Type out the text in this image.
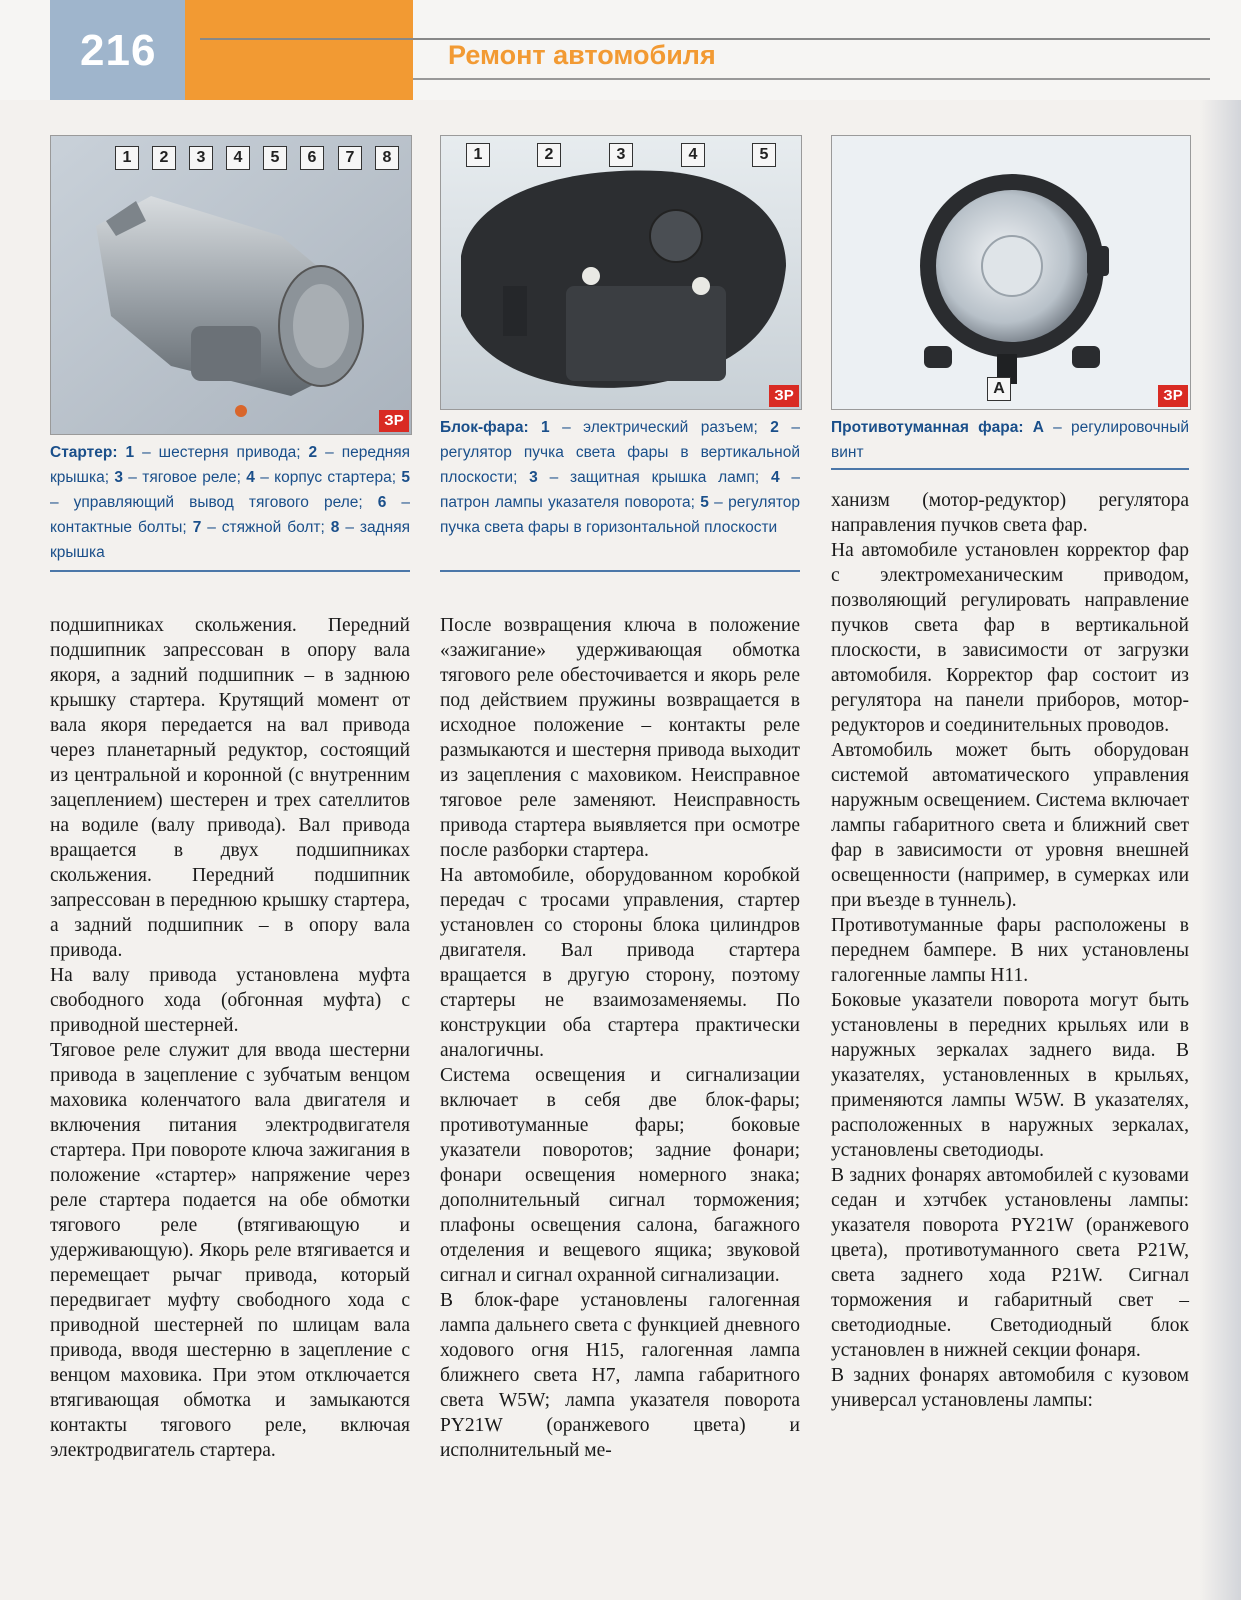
216	Ремонт автомобиля
ЗР
1	2	3	4	5	6	7	8
ЗР
1	2	3	4	5
ЗР
A
Стартер: 1 – шестерня привода; 2 – передняя крышка; 3 – тяговое реле; 4 – корпус стартера; 5 – управляющий вывод тягового реле; 6 – контактные болты; 7 – стяжной болт; 8 – задняя крышка
Блок-фара: 1 – электрический разъем; 2 – регулятор пучка света фары в вертикальной плоскости; 3 – защитная крышка ламп; 4 – патрон лампы указателя поворота; 5 – регулятор пучка света фары в горизонтальной плоскости
Противотуманная фара: А – регулировочный винт

подшипниках скольжения. Передний подшипник запрессован в опору вала якоря, а задний подшипник – в заднюю крышку стартера. Крутящий момент от вала якоря передается на вал привода через планетарный редуктор, состоящий из центральной и коронной (с внутренним зацеплением) шестерен и трех сателлитов на водиле (валу привода). Вал привода вращается в двух подшипниках скольжения. Передний подшипник запрессован в переднюю крышку стартера, а задний подшипник – в опору вала привода.

На валу привода установлена муфта свободного хода (обгонная муфта) с приводной шестерней.

Тяговое реле служит для ввода шестерни привода в зацепление с зубчатым венцом маховика коленчатого вала двигателя и включения питания электродвигателя стартера. При повороте ключа зажигания в положение «стартер» напряжение через реле стартера подается на обе обмотки тягового реле (втягивающую и удерживающую). Якорь реле втягивается и перемещает рычаг привода, который передвигает муфту свободного хода с приводной шестерней по шлицам вала привода, вводя шестерню в зацепление с венцом маховика. При этом отключается втягивающая обмотка и замыкаются контакты тягового реле, включая электродвигатель стартера.

После возвращения ключа в положение «зажигание» удерживающая обмотка тягового реле обесточивается и якорь реле под действием пружины возвращается в исходное положение – контакты реле размыкаются и шестерня привода выходит из зацепления с маховиком. Неисправное тяговое реле заменяют. Неисправность привода стартера выявляется при осмотре после разборки стартера.

На автомобиле, оборудованном коробкой передач с тросами управления, стартер установлен со стороны блока цилиндров двигателя. Вал привода стартера вращается в другую сторону, поэтому стартеры не взаимозаменяемы. По конструкции оба стартера практически аналогичны.

Система освещения и сигнализации включает в себя две блок-фары; противотуманные фары; боковые указатели поворотов; задние фонари; фонари освещения номерного знака; дополнительный сигнал торможения; плафоны освещения салона, багажного отделения и вещевого ящика; звуковой сигнал и сигнал охранной сигнализации.

В блок-фаре установлены галогенная лампа дальнего света с функцией дневного ходового огня H15, галогенная лампа ближнего света H7, лампа габаритного света W5W; лампа указателя поворота PY21W (оранжевого цвета) и исполнительный ме-

ханизм (мотор-редуктор) регулятора направления пучков света фар.

На автомобиле установлен корректор фар с электромеханическим приводом, позволяющий регулировать направление пучков света фар в вертикальной плоскости, в зависимости от загрузки автомобиля. Корректор фар состоит из регулятора на панели приборов, мотор-редукторов и соединительных проводов.

Автомобиль может быть оборудован системой автоматического управления наружным освещением. Система включает лампы габаритного света и ближний свет фар в зависимости от уровня внешней освещенности (например, в сумерках или при въезде в туннель).

Противотуманные фары расположены в переднем бампере. В них установлены галогенные лампы H11.

Боковые указатели поворота могут быть установлены в передних крыльях или в наружных зеркалах заднего вида. В указателях, установленных в крыльях, применяются лампы W5W. В указателях, расположенных в наружных зеркалах, установлены светодиоды.

В задних фонарях автомобилей с кузовами седан и хэтчбек установлены лампы: указателя поворота PY21W (оранжевого цвета), противотуманного света P21W, света заднего хода P21W. Сигнал торможения и габаритный свет – светодиодные. Светодиодный блок установлен в нижней секции фонаря.

В задних фонарях автомобиля с кузовом универсал установлены лампы:
